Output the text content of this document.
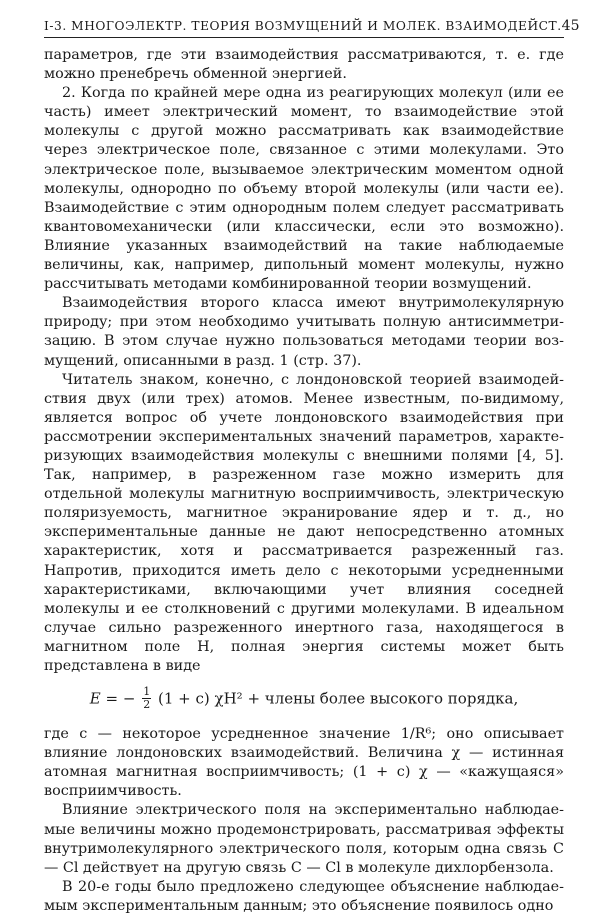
I-3. МНОГОЭЛЕКТР. ТЕОРИЯ ВОЗМУЩЕНИЙ И МОЛЕК. ВЗАИМОДЕЙСТ. 45

параметров, где эти взаимодействия рассматриваются, т. е. где можно пренебречь обменной энергией.

2. Когда по крайней мере одна из реагирующих молекул (или ее часть) имеет электрический момент, то взаимодействие этой молекулы с другой можно рассматривать как взаимодействие через электрическое поле, связанное с этими молекулами. Это электрическое поле, вызываемое электрическим моментом одной молекулы, однородно по объему второй молекулы (или части ее). Взаимодействие с этим однородным полем следует рассматривать квантовомеханически (или классически, если это возможно). Влияние указанных взаимодействий на такие наблюдаемые величины, как, например, дипольный момент молекулы, нужно рассчитывать методами комбинированной теории возмущений.

Взаимодействия второго класса имеют внутримолекулярную природу; при этом необходимо учитывать полную антисимметризацию. В этом случае нужно пользоваться методами теории возмущений, описанными в разд. 1 (стр. 37).

Читатель знаком, конечно, с лондоновской теорией взаимодействия двух (или трех) атомов. Менее известным, по-видимому, является вопрос об учете лондоновского взаимодействия при рассмотрении экспериментальных значений параметров, характеризующих взаимодействия молекулы с внешними полями [4, 5]. Так, например, в разреженном газе можно измерить для отдельной молекулы магнитную восприимчивость, электрическую поляризуемость, магнитное экранирование ядер и т. д., но экспериментальные данные не дают непосредственно атомных характеристик, хотя и рассматривается разреженный газ. Напротив, приходится иметь дело с некоторыми усредненными характеристиками, включающими учет влияния соседней молекулы и ее столкновений с другими молекулами. В идеальном случае сильно разреженного инертного газа, находящегося в магнитном поле H, полная энергия системы может быть представлена в виде

E = − $\frac{1}{2} (1 + c) \chi H^2$ + члены более высокого порядка,

где c — некоторое усредненное значение 1/R⁶; оно описывает влияние лондоновских взаимодействий. Величина χ — истинная атомная магнитная восприимчивость; (1 + c) χ — «кажущаяся» восприимчивость.

Влияние электрического поля на экспериментально наблюдаемые величины можно продемонстрировать, рассматривая эффекты внутримолекулярного электрического поля, которым одна связь C — Cl действует на другую связь C — Cl в молекуле дихлорбензола.

В 20-е годы было предложено следующее объяснение наблюдаемым экспериментальным данным; это объяснение появилось одно
